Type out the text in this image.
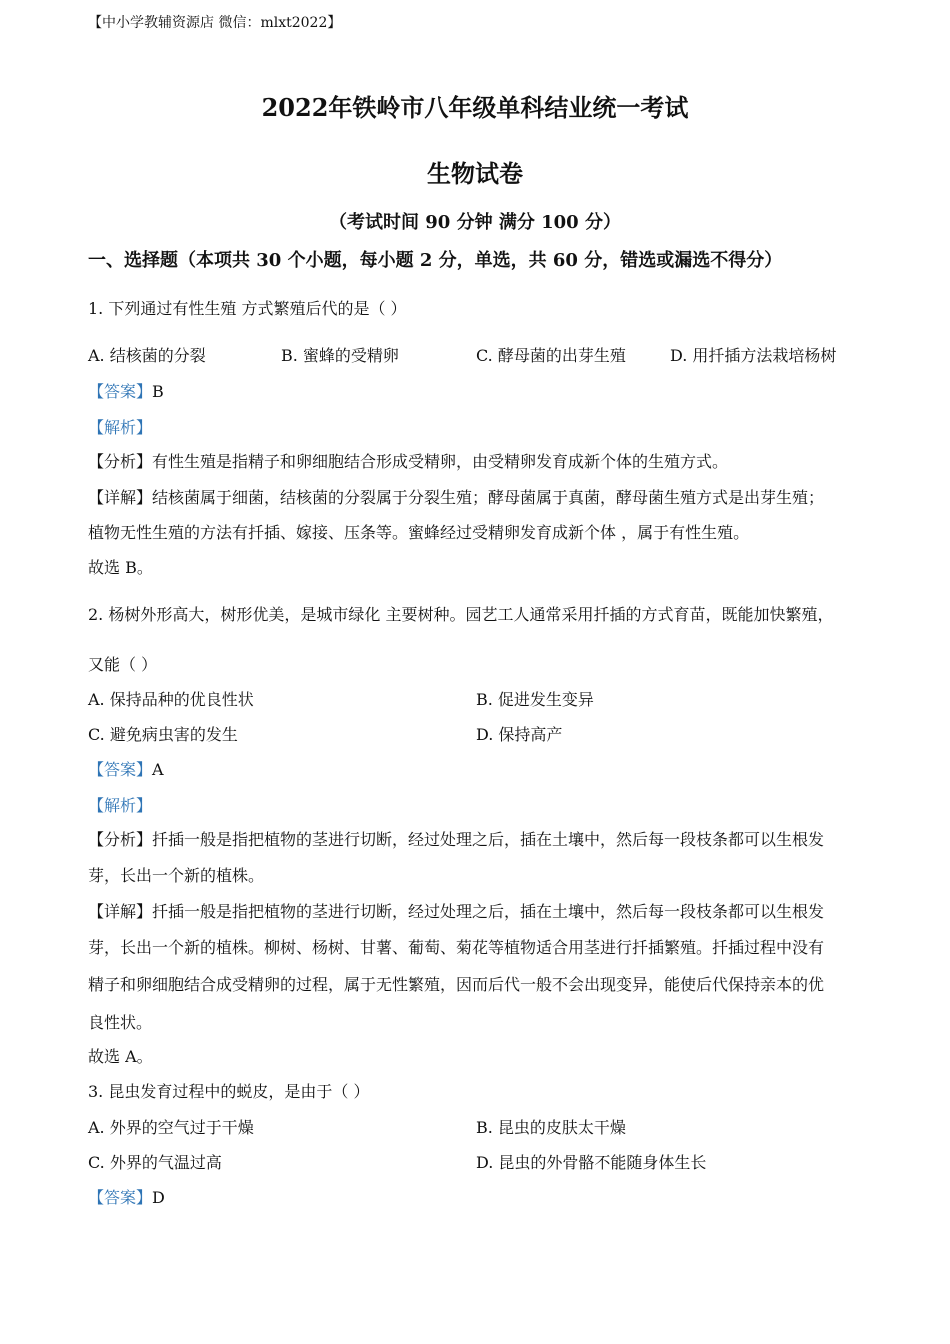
【中小学教辅资源店 微信：mlxt2022】
2022年铁岭市八年级单科结业统一考试
生物试卷
（考试时间 90 分钟 满分 100 分）
一、选择题（本项共 30 个小题，每小题 2 分，单选，共 60 分，错选或漏选不得分）
1. 下列通过有性生殖 方式繁殖后代的是（ ）
A. 结核菌的分裂	B. 蜜蜂的受精卵	C. 酵母菌的出芽生殖	D. 用扦插方法栽培杨树
【答案】B
【解析】
【分析】有性生殖是指精子和卵细胞结合形成受精卵，由受精卵发育成新个体的生殖方式。
【详解】结核菌属于细菌，结核菌的分裂属于分裂生殖；酵母菌属于真菌，酵母菌生殖方式是出芽生殖；
植物无性生殖的方法有扦插、嫁接、压条等。蜜蜂经过受精卵发育成新个体 ，属于有性生殖。
故选 B。
2. 杨树外形高大，树形优美，是城市绿化 主要树种。园艺工人通常采用扦插的方式育苗，既能加快繁殖，
又能（ ）
A. 保持品种的优良性状	B. 促进发生变异
C. 避免病虫害的发生	D. 保持高产
【答案】A
【解析】
【分析】扦插一般是指把植物的茎进行切断，经过处理之后，插在土壤中，然后每一段枝条都可以生根发
芽，长出一个新的植株。
【详解】扦插一般是指把植物的茎进行切断，经过处理之后，插在土壤中，然后每一段枝条都可以生根发
芽，长出一个新的植株。柳树、杨树、甘薯、葡萄、菊花等植物适合用茎进行扦插繁殖。扦插过程中没有
精子和卵细胞结合成受精卵的过程，属于无性繁殖，因而后代一般不会出现变异，能使后代保持亲本的优
良性状。
故选 A。
3. 昆虫发育过程中的蜕皮，是由于（ ）
A. 外界的空气过于干燥	B. 昆虫的皮肤太干燥
C. 外界的气温过高	D. 昆虫的外骨骼不能随身体生长
【答案】D
